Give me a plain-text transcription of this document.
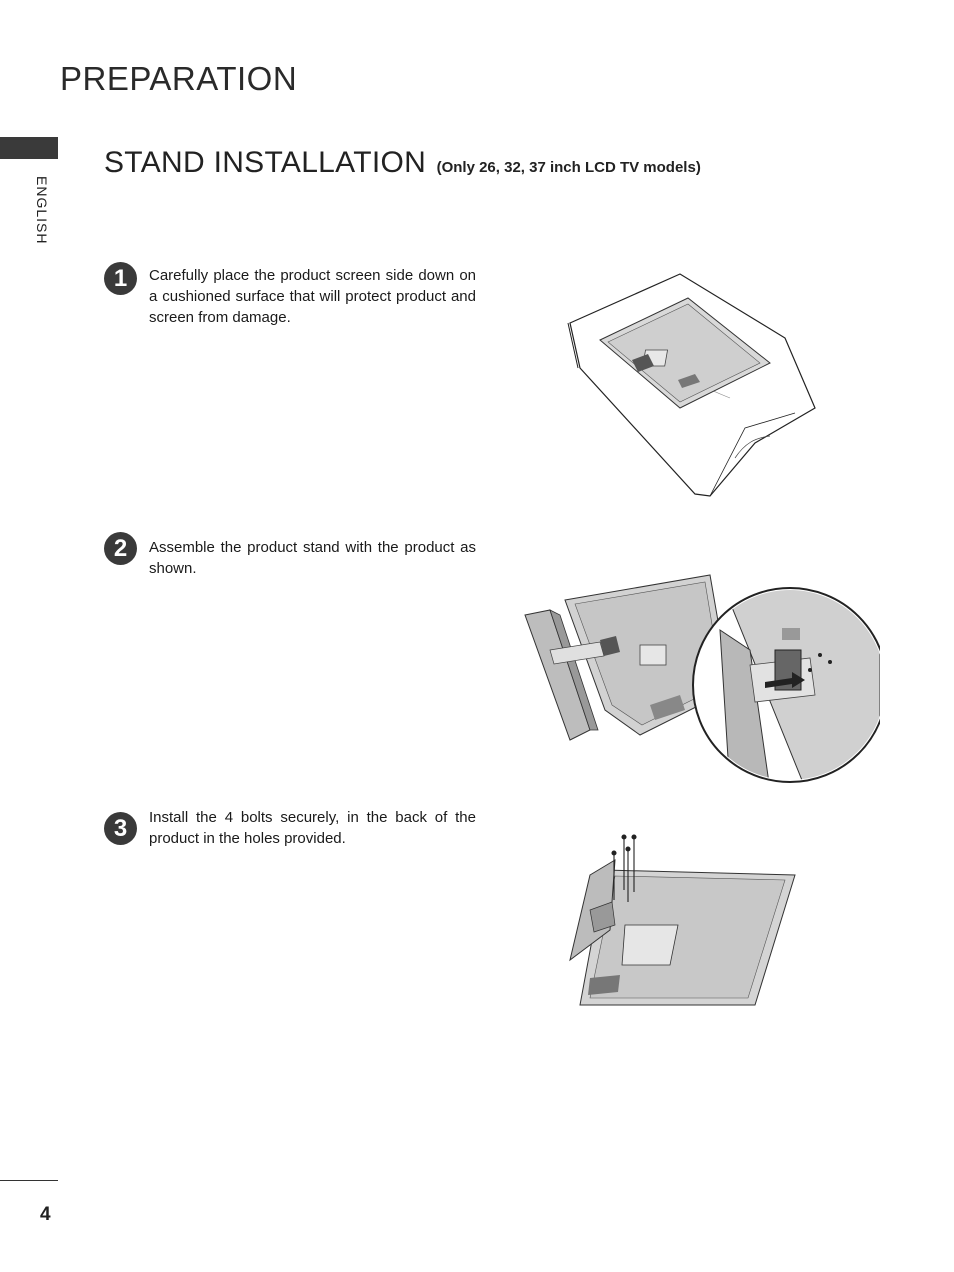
PREPARATION
ENGLISH
STAND INSTALLATION (Only 26, 32, 37 inch LCD TV models)
1	Carefully place the product screen side down on a cushioned surface that will protect product and screen from damage.
2	Assemble the product stand with the product as shown.
3	Install the 4 bolts securely, in the back of the product in the holes provided.
4
